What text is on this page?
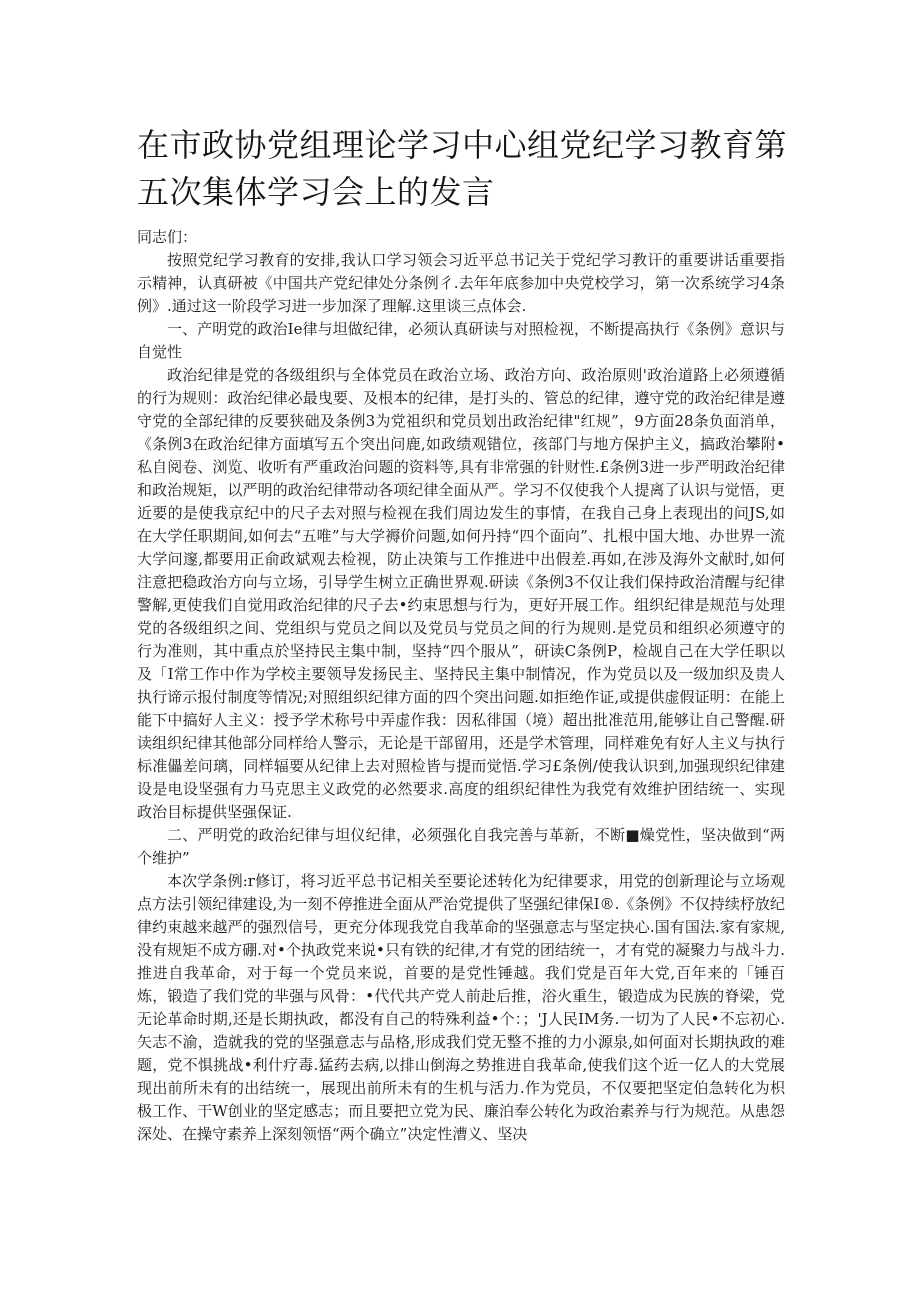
在市政协党组理论学习中心组党纪学习教育第五次集体学习会上的发言

同志们：

按照党纪学习教育的安排,我认口学习领会习近平总书记关于党纪学习教讦的重要讲话重要指示精神，认真研被《中国共产党纪律处分条例彳.去年年底参加中央党校学习，第一次系统学习4条例》.通过这一阶段学习进一步加深了理解.这里谈三点体会.

一、产明党的政治Ie律与坦做纪律，必须认真研读与对照检视，不断提高执行《条例》意识与自觉性

政治纪律是党的各级组织与全体党员在政治立场、政治方向、政治原则'政治道路上必须遵循的行为规则：政治纪律必最曳要、及根本的纪律，是打头的、管总的纪律，遵守党的政治纪律是遵守党的全部纪律的反要狭础及条例3为党祖织和党员划出政治纪律"红规”，9方面28条负面消单，《条例3在政治纪律方面填写五个突出问鹿,如政绩观错位，孩部门与地方保护主义，搞政治攀附•私自阅卷、浏览、收听有严重政治问题的资料等,具有非常强的针财性.£条例3进一步严明政治纪律和政治规矩，以严明的政治纪律带动各项纪律全面从严。学习不仅使我个人提离了认识与觉悟，更近要的是使我京纪中的尺子去对照与检视在我们周边发生的事情，在我自己身上表现出的问JS,如在大学任职期间,如何去“五唯”与大学褥价问题,如何丹持“四个面向”、扎根中国大地、办世界一流大学问邃,都要用正俞政斌观去检视，防止决策与工作推进中出假差.再如,在涉及海外文献时,如何注意把稳政治方向与立场，引导学生树立正确世界观.研读《条例3不仅让我们保持政治清醒与纪律警解,更使我们自觉用政治纪律的尺子去•约束思想与行为，更好开展工作。组织纪律是规范与处理党的各级组织之间、党组织与党员之间以及党员与党员之间的行为规则.是党员和组织必须遵守的行为准则，其中重点於坚持民主集中制，坚持“四个服从”，研读C条例P，检觇自己在大学任职以及「I常工作中作为学校主要领导发扬民主、坚持民主集中制情况，作为党员以及一级加织及贵人执行谛示报付制度等情况;对照组织纪律方面的四个突出问题.如拒绝作证,或提供虚假证明：在能上能下中搞好人主义：授予学术称号中弄虚作我：因私徘国（境）超出批准范用,能够让自己警醒.研读组织纪律其他部分同样给人警示，无论是干部留用，还是学术管理，同样难免有好人主义与执行标准儡差问璃，同样辐要从纪律上去对照检皆与提而觉悟.学习£条例/使我认识到,加强现织纪律建设是电设坚强有力马克思主义政党的必然要求.高度的组织纪律性为我党有效维护团结统一、实现政治目标提供坚强保证.

二、严明党的政治纪律与坦仪纪律，必须强化自我完善与革新，不断■燥党性，坚决做到“两个维护”

本次学条例:r修订，将习近平总书记相关至要论述转化为纪律要求，用党的创新理论与立场观点方法引领纪律建设,为一刻不停推进全面从严治党提供了坚强纪律保I®.《条例》不仅持续杼放纪律约束越来越严的强烈信号，更充分体现我党自我革命的坚强意志与坚定抉心.国有国法.家有家规,没有规矩不成方硼.对•个执政党来说•只有铁的纪律,才有党的团结统一，才有党的凝聚力与战斗力.推进自我革命，对于每一个党员来说，首要的是党性锤越。我们党是百年大党,百年来的「锤百炼，锻造了我们党的芈强与风骨：•代代共产党人前赴后推，浴火重生，锻造成为民族的脊梁，党无论革命时期,还是长期执政，都没有自己的特殊利益•个：；'J人民IM务.一切为了人民•不忘初心.矢志不渝，造就我的党的坚强意志与品格,形成我们党无整不推的力小源泉,如何面对长期执政的难题，党不惧挑战•利什疗毒.猛药去病,以排山倒海之势推进自我革命,使我们这个近一亿人的大党展现出前所未有的出结统一，展现出前所未有的生机与活力.作为党员，不仅要把坚定伯急转化为枳极工作、干W创业的坚定感志；而且要把立党为民、廉泊奉公转化为政治素养与行为规范。从患怨深处、在操守素养上深刻领悟“两个确立”决定性漕义、坚决
